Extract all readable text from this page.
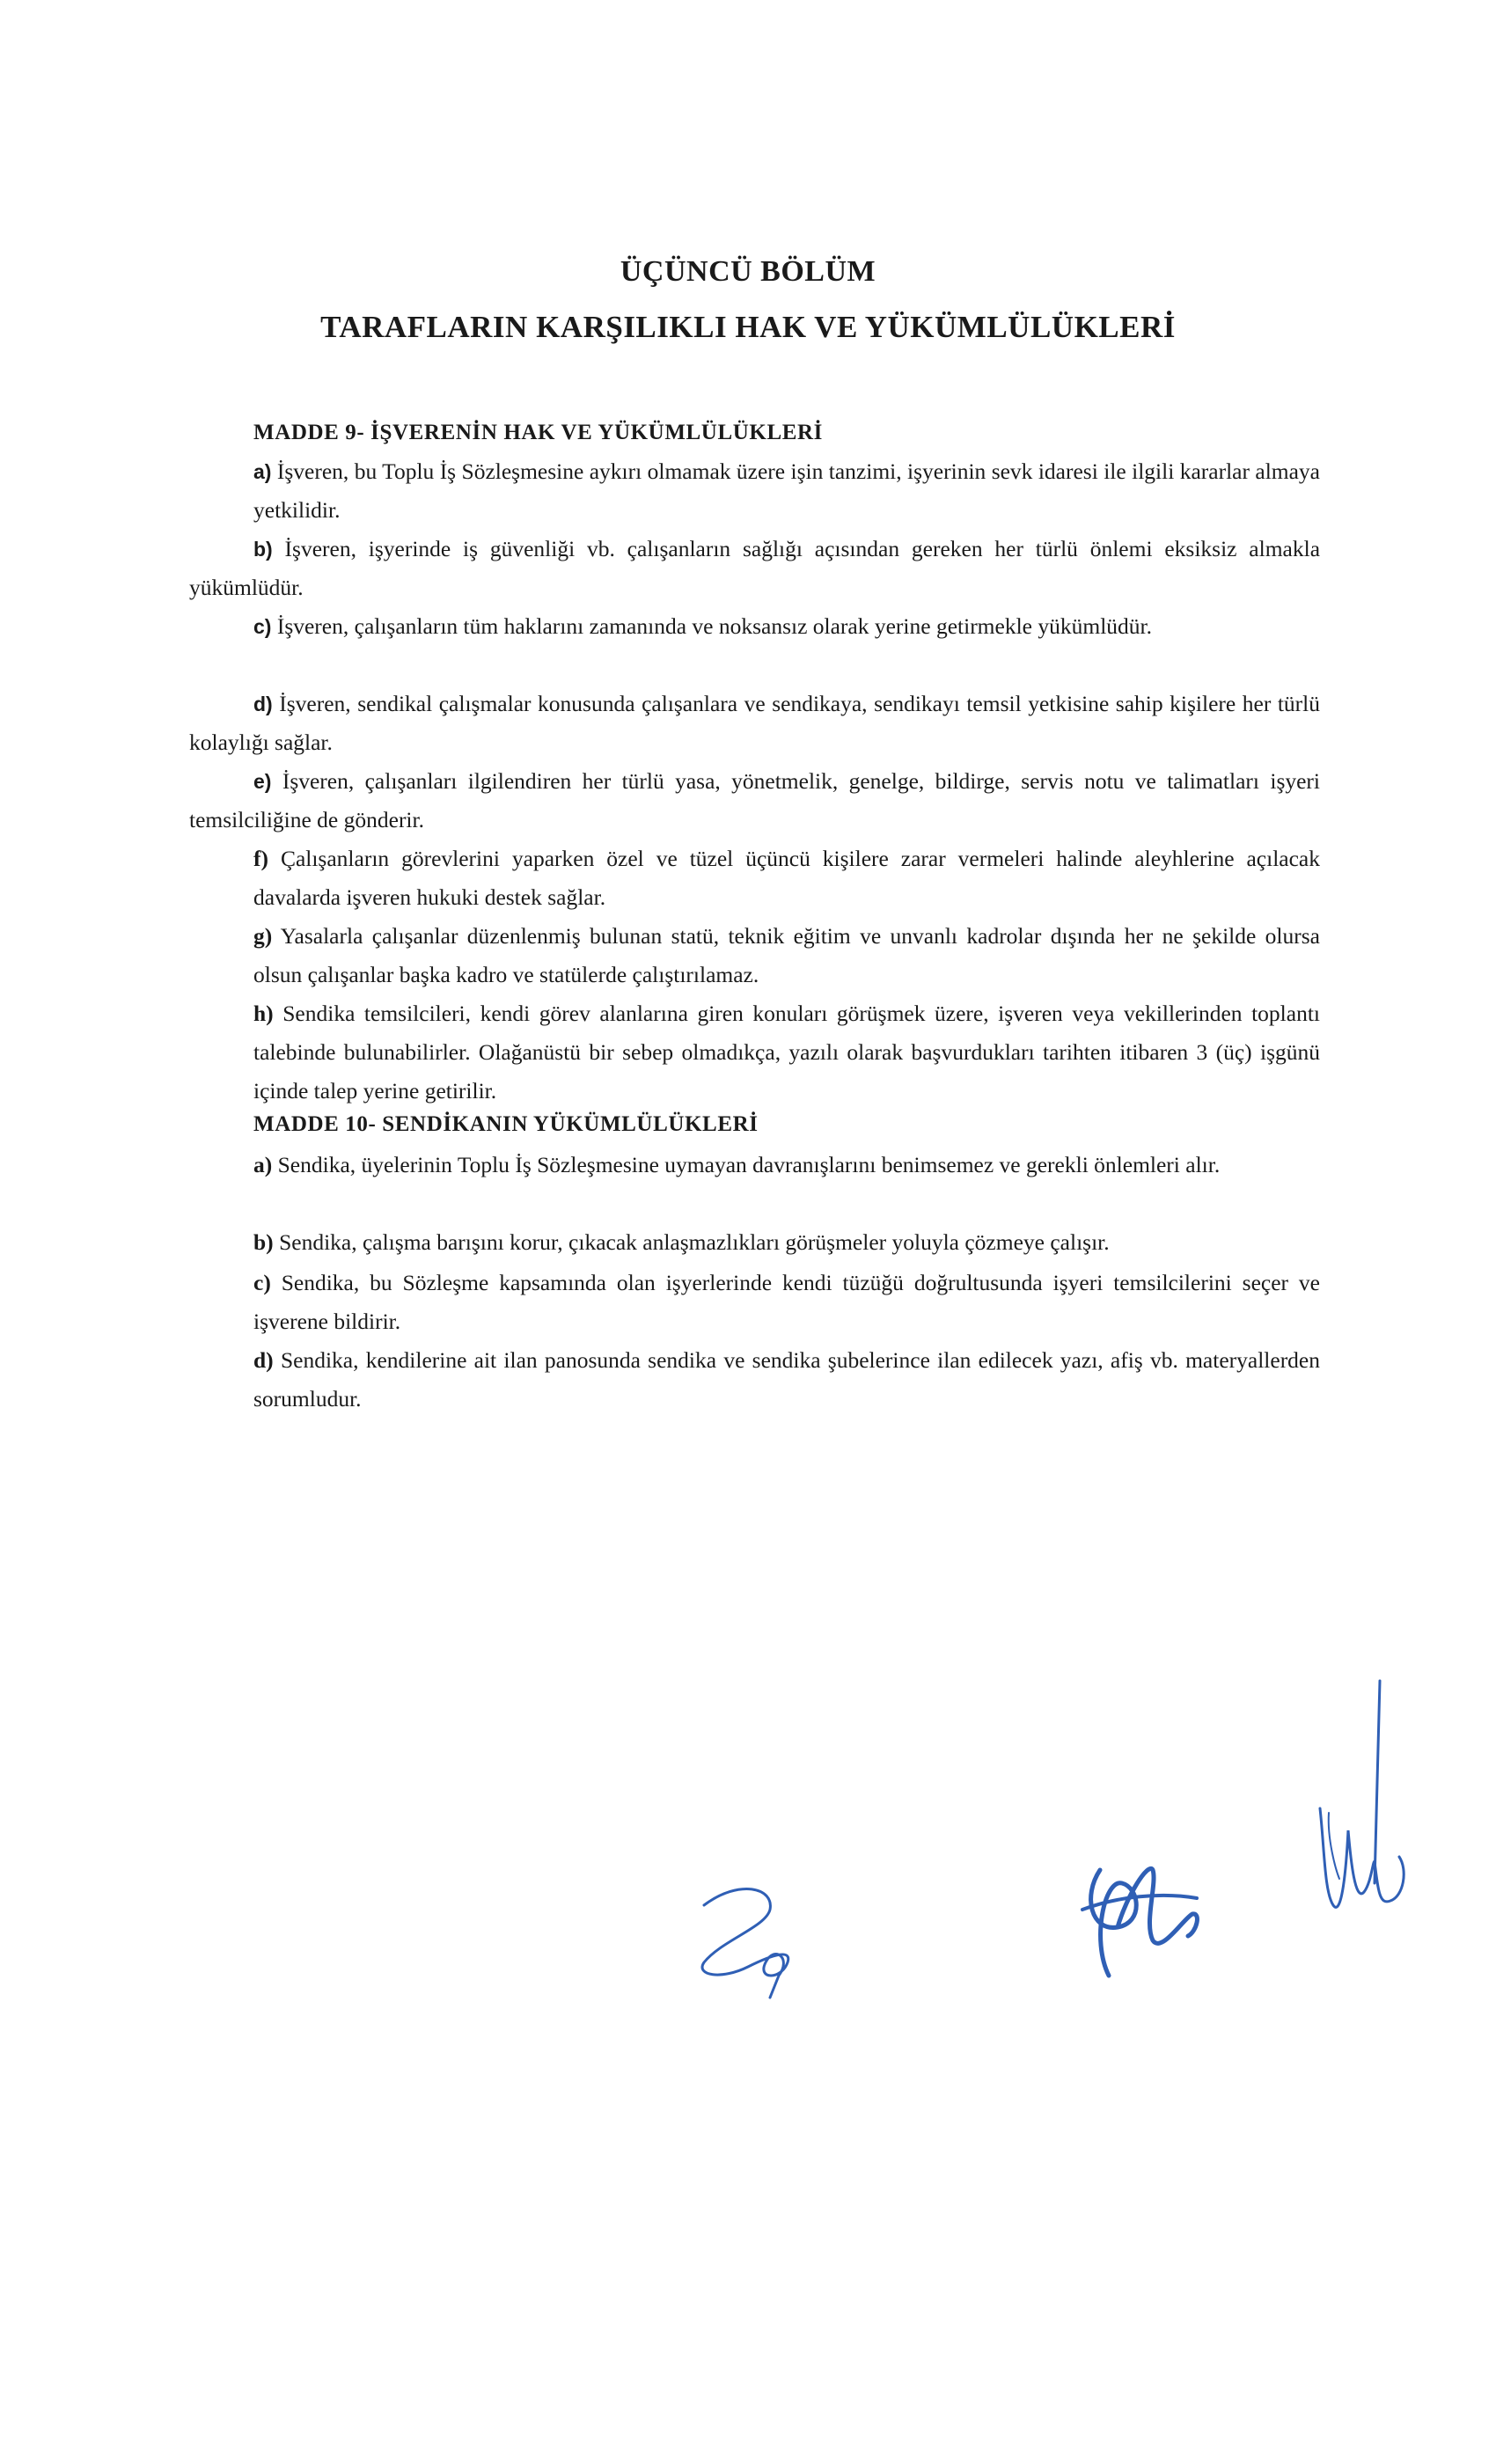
ÜÇÜNCÜ BÖLÜM
TARAFLARIN KARŞILIKLI HAK VE YÜKÜMLÜLÜKLERİ
MADDE 9- İŞVERENİN HAK VE YÜKÜMLÜLÜKLERİ

a) İşveren, bu Toplu İş Sözleşmesine aykırı olmamak üzere işin tanzimi, işyerinin sevk idaresi ile ilgili kararlar almaya yetkilidir.

b) İşveren, işyerinde iş güvenliği vb. çalışanların sağlığı açısından gereken her türlü önlemi eksiksiz almakla yükümlüdür.

c) İşveren, çalışanların tüm haklarını zamanında ve noksansız olarak yerine getirmekle yükümlüdür.

d) İşveren, sendikal çalışmalar konusunda çalışanlara ve sendikaya, sendikayı temsil yetkisine sahip kişilere her türlü kolaylığı sağlar.

e) İşveren, çalışanları ilgilendiren her türlü yasa, yönetmelik, genelge, bildirge, servis notu ve talimatları işyeri temsilciliğine de gönderir.

f) Çalışanların görevlerini yaparken özel ve tüzel üçüncü kişilere zarar vermeleri halinde aleyhlerine açılacak davalarda işveren hukuki destek sağlar.

g) Yasalarla çalışanlar düzenlenmiş bulunan statü, teknik eğitim ve unvanlı kadrolar dışında her ne şekilde olursa olsun çalışanlar başka kadro ve statülerde çalıştırılamaz.

h) Sendika temsilcileri, kendi görev alanlarına giren konuları görüşmek üzere, işveren veya vekillerinden toplantı talebinde bulunabilirler. Olağanüstü bir sebep olmadıkça, yazılı olarak başvurdukları tarihten itibaren 3 (üç) işgünü içinde talep yerine getirilir.

MADDE 10- SENDİKANIN YÜKÜMLÜLÜKLERİ

a) Sendika, üyelerinin Toplu İş Sözleşmesine uymayan davranışlarını benimsemez ve gerekli önlemleri alır.

b) Sendika, çalışma barışını korur, çıkacak anlaşmazlıkları görüşmeler yoluyla çözmeye çalışır.

c) Sendika, bu Sözleşme kapsamında olan işyerlerinde kendi tüzüğü doğrultusunda işyeri temsilcilerini seçer ve işverene bildirir.

d) Sendika, kendilerine ait ilan panosunda sendika ve sendika şubelerince ilan edilecek yazı, afiş vb. materyallerden sorumludur.
